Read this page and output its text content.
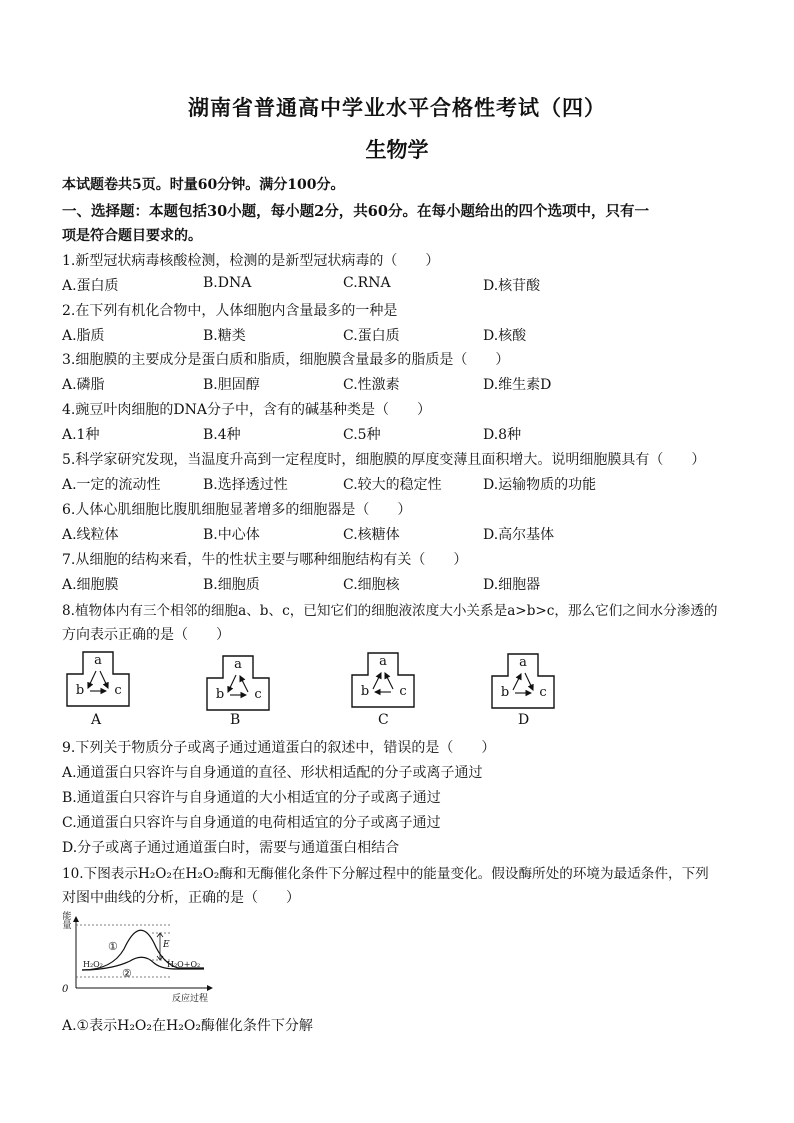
湖南省普通高中学业水平合格性考试（四）
生物学
本试题卷共5页。时量60分钟。满分100分。
一、选择题：本题包括30小题，每小题2分，共60分。在每小题给出的四个选项中，只有一
项是符合题目要求的。
1.新型冠状病毒核酸检测，检测的是新型冠状病毒的（　　）
A.蛋白质	B.DNA	C.RNA	D.核苷酸
2.在下列有机化合物中，人体细胞内含量最多的一种是
A.脂质	B.糖类	C.蛋白质	D.核酸
3.细胞膜的主要成分是蛋白质和脂质，细胞膜含量最多的脂质是（　　）
A.磷脂	B.胆固醇	C.性激素	D.维生素D
4.豌豆叶肉细胞的DNA分子中，含有的碱基种类是（　　）
A.1种	B.4种	C.5种	D.8种
5.科学家研究发现，当温度升高到一定程度时，细胞膜的厚度变薄且面积增大。说明细胞膜具有（　　）
A.一定的流动性	B.选择透过性	C.较大的稳定性	D.运输物质的功能
6.人体心肌细胞比腹肌细胞显著增多的细胞器是（　　）
A.线粒体	B.中心体	C.核糖体	D.高尔基体
7.从细胞的结构来看，牛的性状主要与哪种细胞结构有关（　　）
A.细胞膜	B.细胞质	C.细胞核	D.细胞器
8.植物体内有三个相邻的细胞a、b、c，已知它们的细胞液浓度大小关系是a>b>c，那么它们之间水分渗透的
方向表示正确的是（　　）
a
b	c
A
a
b	c
B
a
b	c
C
a
b	c
D
9.下列关于物质分子或离子通过通道蛋白的叙述中，错误的是（　　）
A.通道蛋白只容许与自身通道的直径、形状相适配的分子或离子通过
B.通道蛋白只容许与自身通道的大小相适宜的分子或离子通过
C.通道蛋白只容许与自身通道的电荷相适宜的分子或离子通过
D.分子或离子通过通道蛋白时，需要与通道蛋白相结合
10.下图表示H₂O₂在H₂O₂酶和无酶催化条件下分解过程中的能量变化。假设酶所处的环境为最适条件，下列
对图中曲线的分析，正确的是（　　）
能量
0
反应过程
①
②
E
H₂O₂	H₂O+O₂
A.①表示H₂O₂在H₂O₂酶催化条件下分解
